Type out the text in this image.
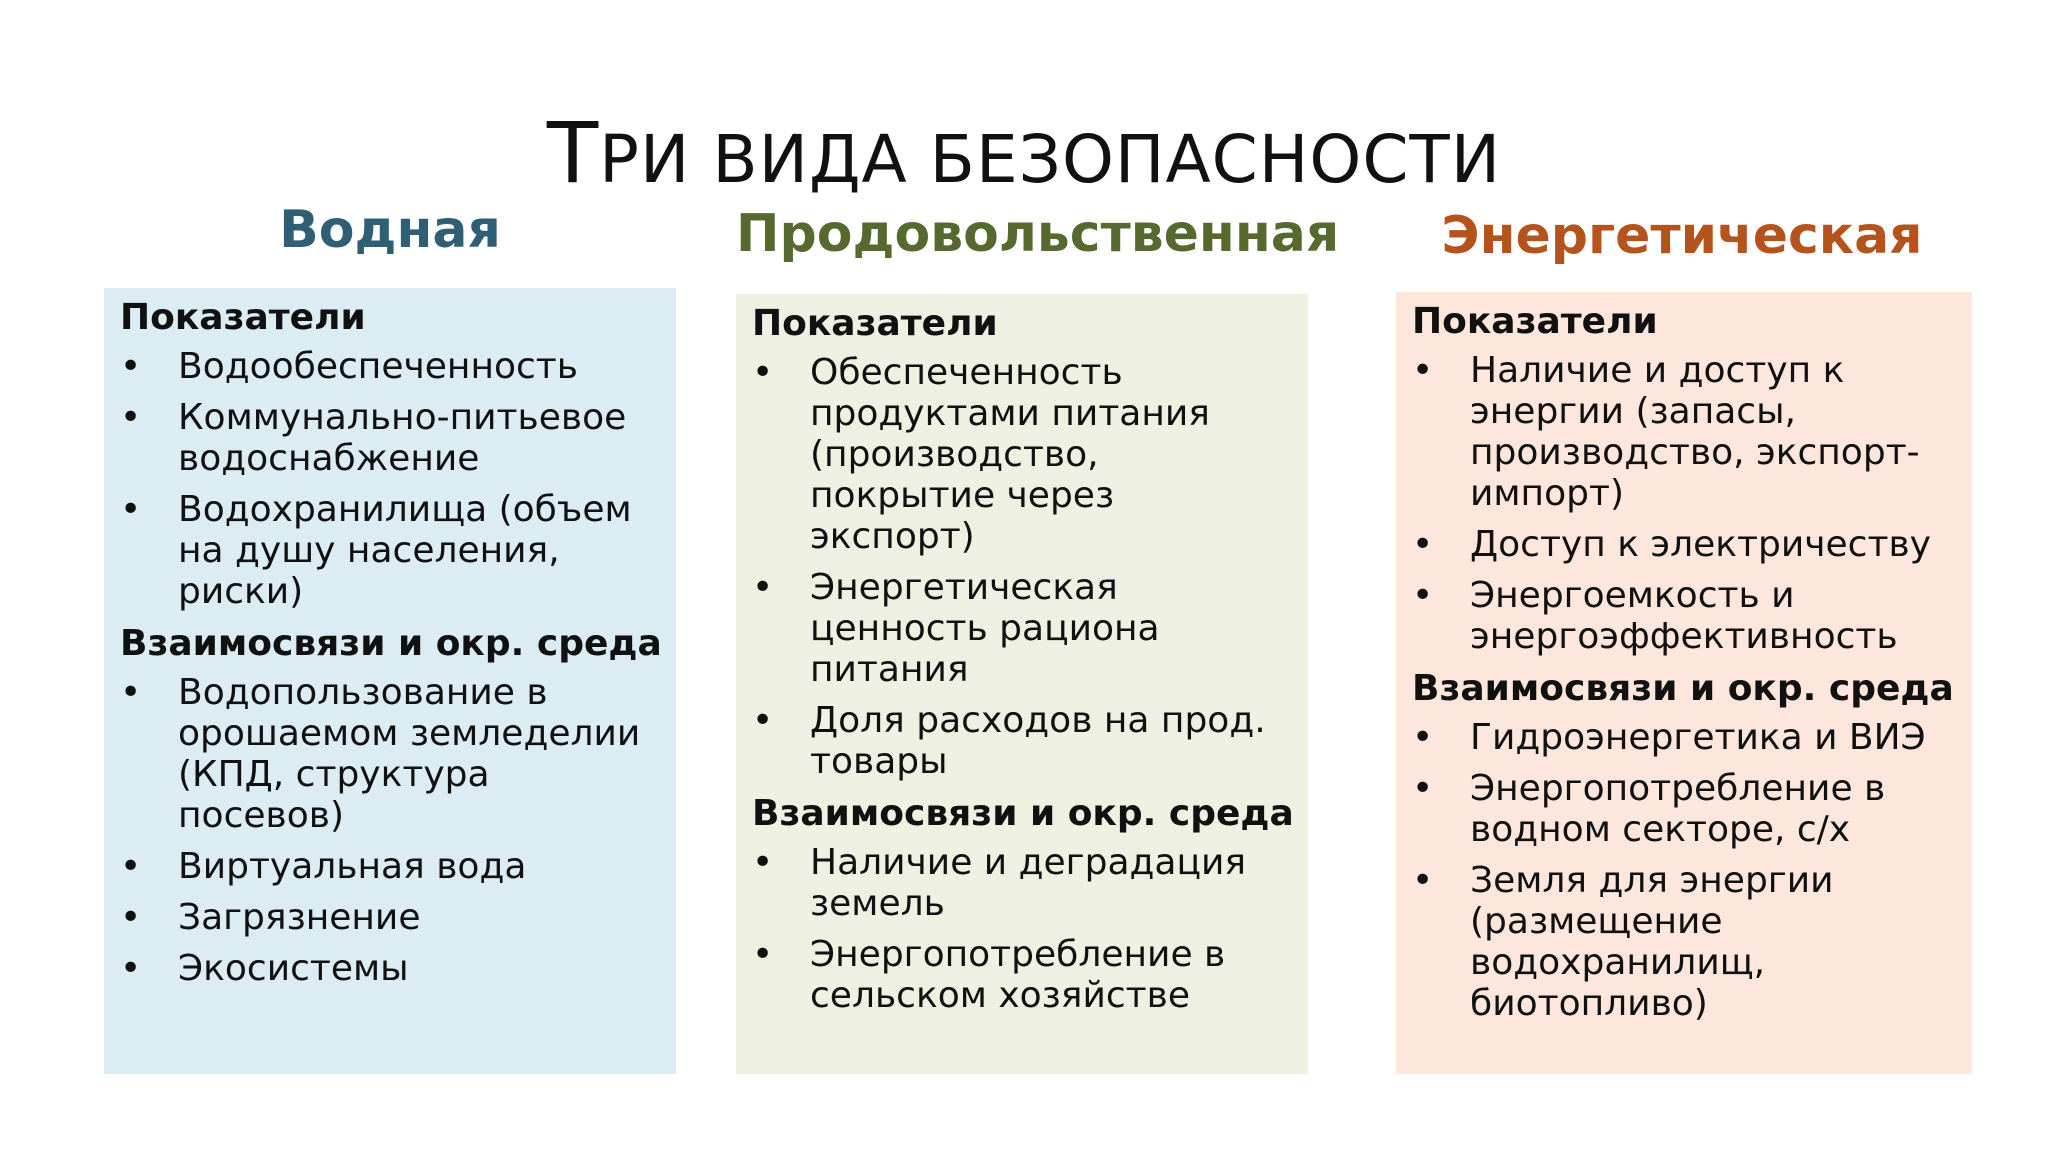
ТРИ ВИДА БЕЗОПАСНОСТИ
Водная
Показатели
• Водообеспеченность
• Коммунально-питьевое водоснабжение
• Водохранилища (объем на душу населения, риски)
Взаимосвязи и окр. среда
• Водопользование в орошаемом земледелии (КПД, структура посевов)
• Виртуальная вода
• Загрязнение
• Экосистемы
Продовольственная
Показатели
• Обеспеченность продуктами питания (производство, покрытие через экспорт)
• Энергетическая ценность рациона питания
• Доля расходов на прод. товары
Взаимосвязи и окр. среда
• Наличие и деградация земель
• Энергопотребление в сельском хозяйстве
Энергетическая
Показатели
• Наличие и доступ к энергии (запасы, производство, экспорт-импорт)
• Доступ к электричеству
• Энергоемкость и энергоэффективность
Взаимосвязи и окр. среда
• Гидроэнергетика и ВИЭ
• Энергопотребление в водном секторе, с/х
• Земля для энергии (размещение водохранилищ, биотопливо)
